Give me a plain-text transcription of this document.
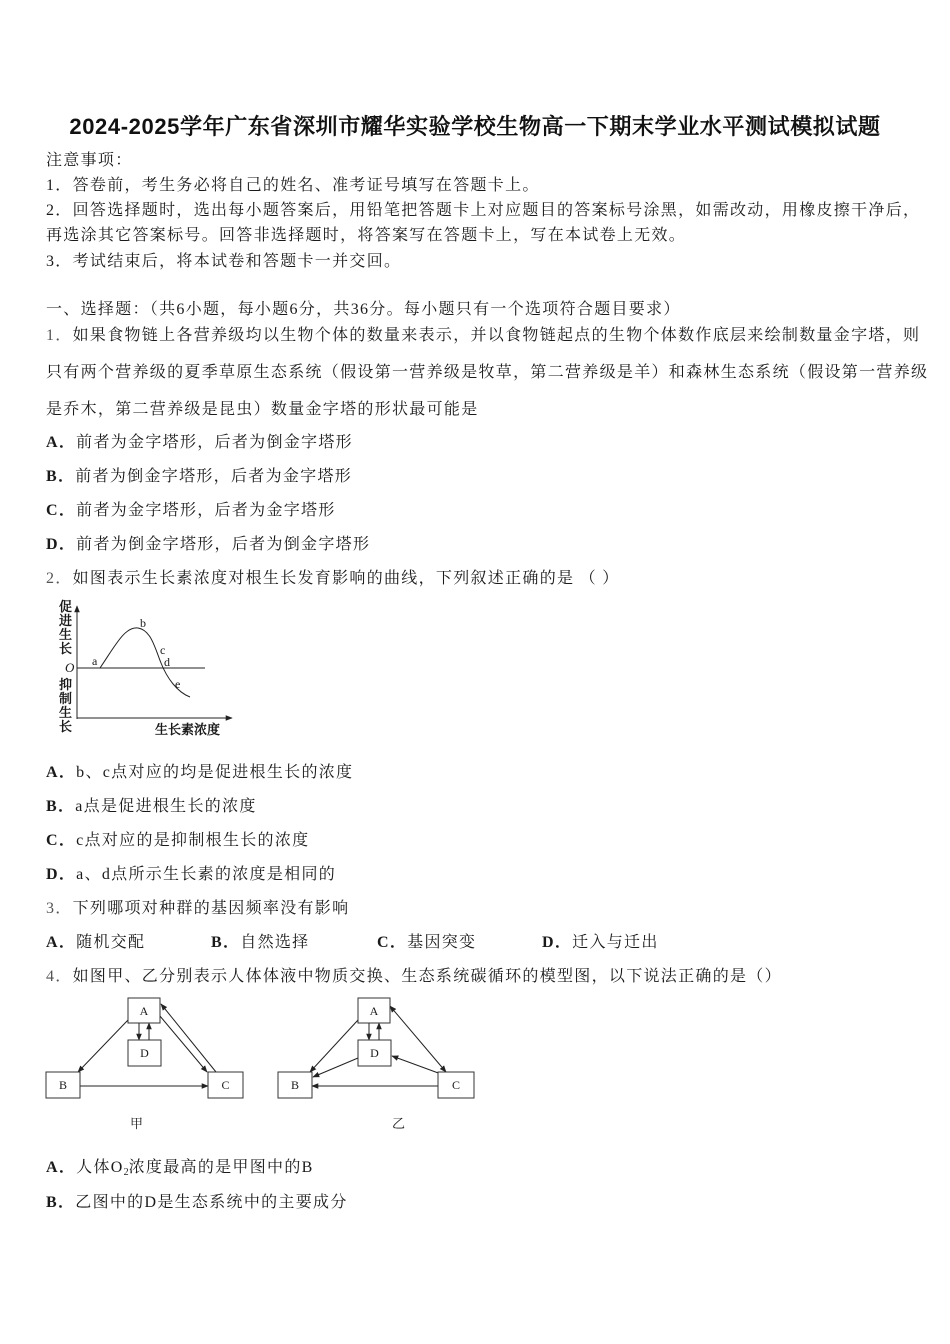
2024-2025学年广东省深圳市耀华实验学校生物高一下期末学业水平测试模拟试题
注意事项：
1．答卷前，考生务必将自己的姓名、准考证号填写在答题卡上。
2．回答选择题时，选出每小题答案后，用铅笔把答题卡上对应题目的答案标号涂黑，如需改动，用橡皮擦干净后，
再选涂其它答案标号。回答非选择题时，将答案写在答题卡上，写在本试卷上无效。
3．考试结束后，将本试卷和答题卡一并交回。
一、选择题：（共6小题，每小题6分，共36分。每小题只有一个选项符合题目要求）
1．如果食物链上各营养级均以生物个体的数量来表示，并以食物链起点的生物个体数作底层来绘制数量金字塔，则
只有两个营养级的夏季草原生态系统（假设第一营养级是牧草，第二营养级是羊）和森林生态系统（假设第一营养级
是乔木，第二营养级是昆虫）数量金字塔的形状最可能是
A．前者为金字塔形，后者为倒金字塔形
B．前者为倒金字塔形，后者为金字塔形
C．前者为金字塔形，后者为金字塔形
D．前者为倒金字塔形，后者为倒金字塔形
2．如图表示生长素浓度对根生长发育影响的曲线，下列叙述正确的是 （ ）
a
b
c
d
e
促进生长
O
抑制生长	生长素浓度
A．b、c点对应的均是促进根生长的浓度
B．a点是促进根生长的浓度
C．c点对应的是抑制根生长的浓度
D．a、d点所示生长素的浓度是相同的
3．下列哪项对种群的基因频率没有影响
A．随机交配	B．自然选择	C．基因突变	D．迁入与迁出
4．如图甲、乙分别表示人体体液中物质交换、生态系统碳循环的模型图，以下说法正确的是（）
A
D
B	C
甲
A
D
B	C
乙
A．人体$O_2$浓度最高的是甲图中的B
B．乙图中的D是生态系统中的主要成分
